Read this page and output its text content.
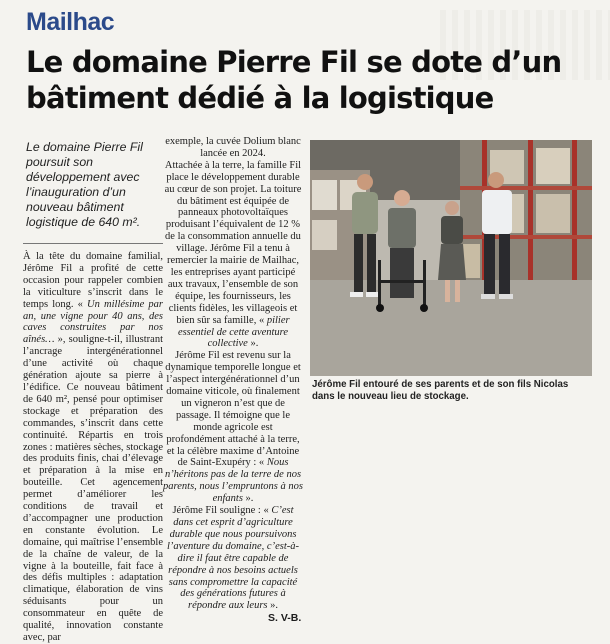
Mailhac
Le domaine Pierre Fil se dote d’un
bâtiment dédié à la logistique
Le domaine Pierre Fil poursuit son développement avec l’inauguration d’un nouveau bâtiment logistique de 640 m².

À la tête du domaine familial, Jérôme Fil a profité de cette occasion pour rappeler combien la viticulture s’inscrit dans le temps long. « Un millésime par an, une vigne pour 40 ans, des caves construites par nos aînés… », souligne-t-il, illustrant l’ancrage intergénérationnel d’une activité où chaque génération ajoute sa pierre à l’édifice. Ce nouveau bâtiment de 640 m², pensé pour optimiser stockage et préparation des commandes, s’inscrit dans cette continuité. Répartis en trois zones : matières sèches, stockage des produits finis, chai d’élevage et préparation à la mise en bouteille. Cet agencement permet d’améliorer les conditions de travail et d’accompagner une production en constante évolution. Le domaine, qui maîtrise l’ensemble de la chaîne de valeur, de la vigne à la bouteille, fait face à des défis multiples : adaptation climatique, élaboration de vins séduisants pour un consommateur en quête de qualité, innovation constante avec, par

exemple, la cuvée Dolium blanc lancée en 2024.

Attachée à la terre, la famille Fil place le développement durable au cœur de son projet. La toiture du bâtiment est équipée de panneaux photovoltaïques produisant l’équivalent de 12 % de la consommation annuelle du village. Jérôme Fil a tenu à remercier la mairie de Mailhac, les entreprises ayant participé aux travaux, l’ensemble de son équipe, les fournisseurs, les clients fidèles, les villageois et bien sûr sa famille, « pilier essentiel de cette aventure collective ».

Jérôme Fil est revenu sur la dynamique temporelle longue et l’aspect intergénérationnel d’un domaine viticole, où finalement un vigneron n’est que de passage. Il témoigne que le monde agricole est profondément attaché à la terre, et la célèbre maxime d’Antoine de Saint-Exupéry : « Nous n’héritons pas de la terre de nos parents, nous l’empruntons à nos enfants ».

Jérôme Fil souligne : « C’est dans cet esprit d’agriculture durable que nous poursuivons l’aventure du domaine, c’est-à-dire il faut être capable de répondre à nos besoins actuels sans compromettre la capacité des générations futures à répondre aux leurs ».

S. V-B.
Jérôme Fil entouré de ses parents et de son fils Nicolas dans le nouveau lieu de stockage.
